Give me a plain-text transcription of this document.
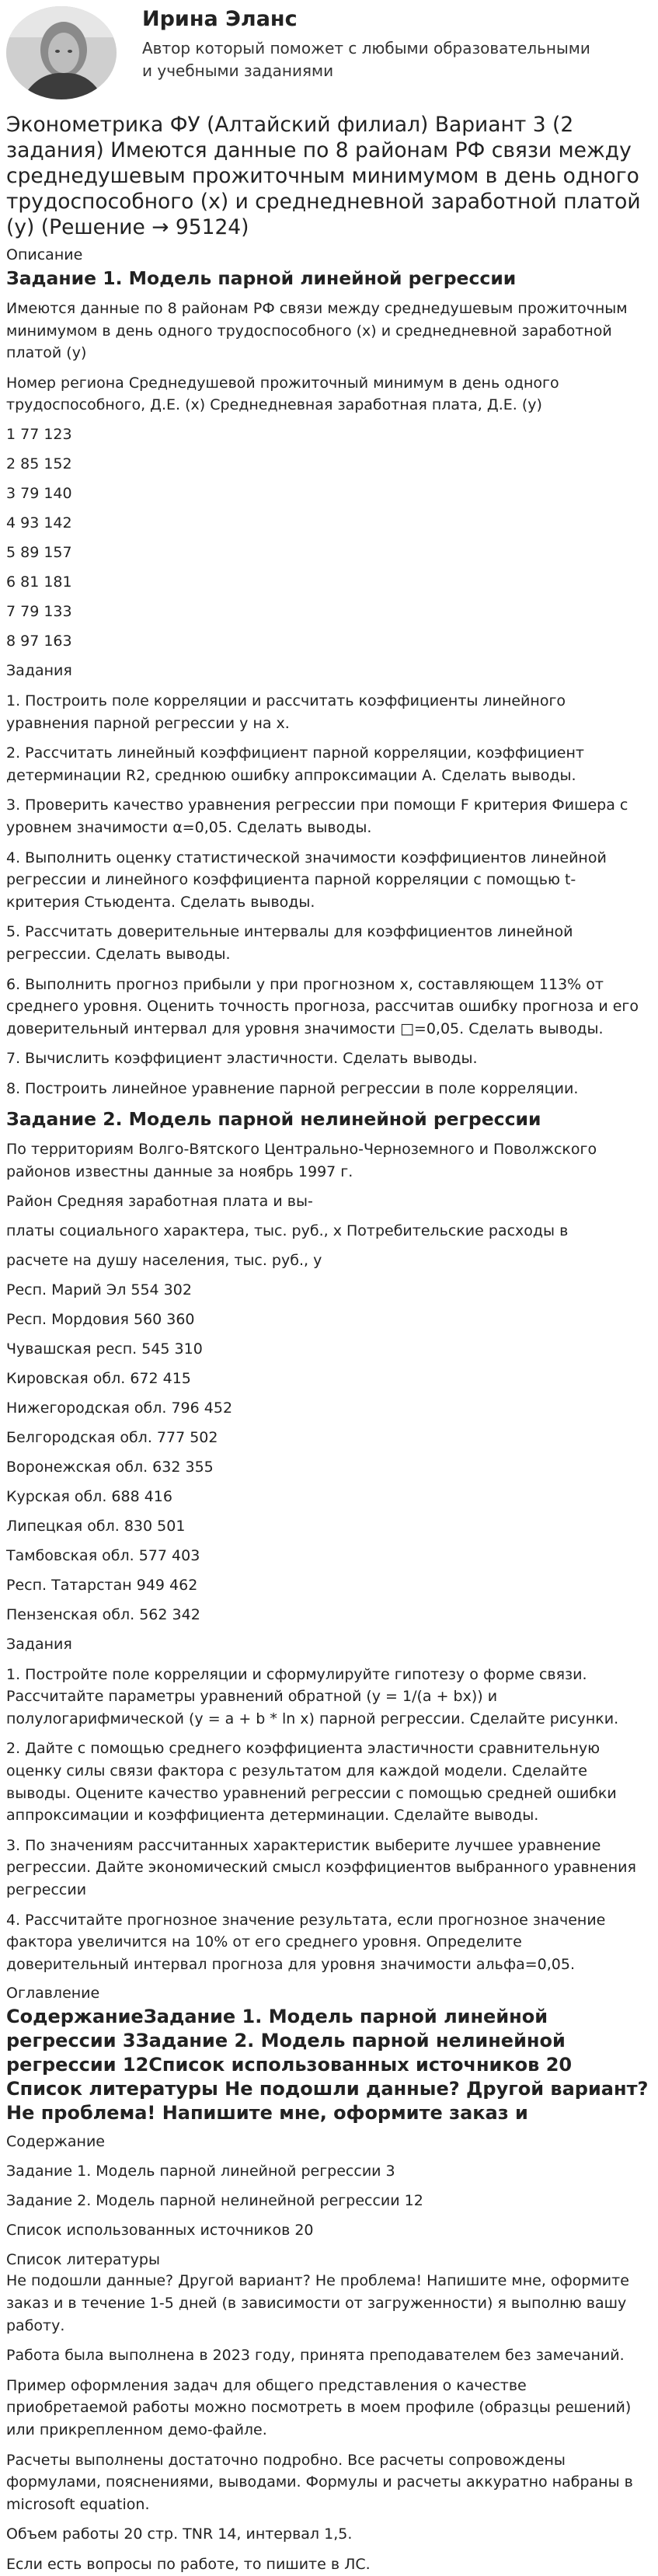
Ирина Эланс
Автор который поможет с любыми образовательными и учебными заданиями
Эконометрика ФУ (Алтайский филиал) Вариант 3 (2 задания) Имеются данные по 8 районам РФ связи между среднедушевым прожиточным минимумом в день одного трудоспособного (х) и среднедневной заработной платой (у) (Решение → 95124)
Описание
Задание 1. Модель парной линейной регрессии

Имеются данные по 8 районам РФ связи между среднедушевым прожиточным минимумом в день одного трудоспособного (х) и среднедневной заработной платой (у)

Номер региона Среднедушевой прожиточный минимум в день одного трудоспособного, Д.Е. (х) Среднедневная заработная плата, Д.Е. (у)

1 77 123
2 85 152
3 79 140
4 93 142
5 89 157
6 81 181
7 79 133
8 97 163
Задания

1. Построить поле корреляции и рассчитать коэффициенты линейного уравнения парной регрессии у на х.

2. Рассчитать линейный коэффициент парной корреляции, коэффициент детерминации R2, среднюю ошибку аппроксимации А. Сделать выводы.

3. Проверить качество уравнения регрессии при помощи F критерия Фишера с уровнем значимости α=0,05. Сделать выводы.

4. Выполнить оценку статистической значимости коэффициентов линейной регрессии и линейного коэффициента парной корреляции с помощью t-критерия Стьюдента. Сделать выводы.

5. Рассчитать доверительные интервалы для коэффициентов линейной регрессии. Сделать выводы.

6. Выполнить прогноз прибыли у при прогнозном х, составляющем 113% от среднего уровня. Оценить точность прогноза, рассчитав ошибку прогноза и его доверительный интервал для уровня значимости □=0,05. Сделать выводы.

7. Вычислить коэффициент эластичности. Сделать выводы.

8. Построить линейное уравнение парной регрессии в поле корреляции.

Задание 2. Модель парной нелинейной регрессии

По территориям Волго-Вятского Центрально-Черноземного и Поволжского районов известны данные за ноябрь 1997 г.

Район Средняя заработная плата и вы-
платы социального характера, тыс. руб., х Потребительские расходы в
расчете на душу населения, тыс. руб., у
Респ. Марий Эл 554 302
Респ. Мордовия 560 360
Чувашская респ. 545 310
Кировская обл. 672 415
Нижегородская обл. 796 452
Белгородская обл. 777 502
Воронежская обл. 632 355
Курская обл. 688 416
Липецкая обл. 830 501
Тамбовская обл. 577 403
Респ. Татарстан 949 462
Пензенская обл. 562 342
Задания

1. Постройте поле корреляции и сформулируйте гипотезу о форме связи. Рассчитайте параметры уравнений обратной (y = 1/(a + bx)) и полулогарифмической (y = a + b * ln x) парной регрессии. Сделайте рисунки.

2. Дайте с помощью среднего коэффициента эластичности сравнительную оценку силы связи фактора с результатом для каждой модели. Сделайте выводы. Оцените качество уравнений регрессии с помощью средней ошибки аппроксимации и коэффициента детерминации. Сделайте выводы.

3. По значениям рассчитанных характеристик выберите лучшее уравнение регрессии. Дайте экономический смысл коэффициентов выбранного уравнения регрессии

4. Рассчитайте прогнозное значение результата, если прогнозное значение фактора увеличится на 10% от его среднего уровня. Определите доверительный интервал прогноза для уровня значимости альфа=0,05.

Оглавление
СодержаниеЗадание 1. Модель парной линейной регрессии 3Задание 2. Модель парной нелинейной регрессии 12Список использованных источников 20 Список литературы Не подошли данные? Другой вариант? Не проблема! Напишите мне, оформите заказ и
Содержание
Задание 1. Модель парной линейной регрессии 3
Задание 2. Модель парной нелинейной регрессии 12
Список использованных источников 20
Список литературы

Не подошли данные? Другой вариант? Не проблема! Напишите мне, оформите заказ и в течение 1-5 дней (в зависимости от загруженности) я выполню вашу работу.

Работа была выполнена в 2023 году, принята преподавателем без замечаний.

Пример оформления задач для общего представления о качестве приобретаемой работы можно посмотреть в моем профиле (образцы решений) или прикрепленном демо-файле.

Расчеты выполнены достаточно подробно. Все расчеты сопровождены формулами, пояснениями, выводами. Формулы и расчеты аккуратно набраны в microsoft equation.

Объем работы 20 стр. TNR 14, интервал 1,5.

Если есть вопросы по работе, то пишите в ЛС.
